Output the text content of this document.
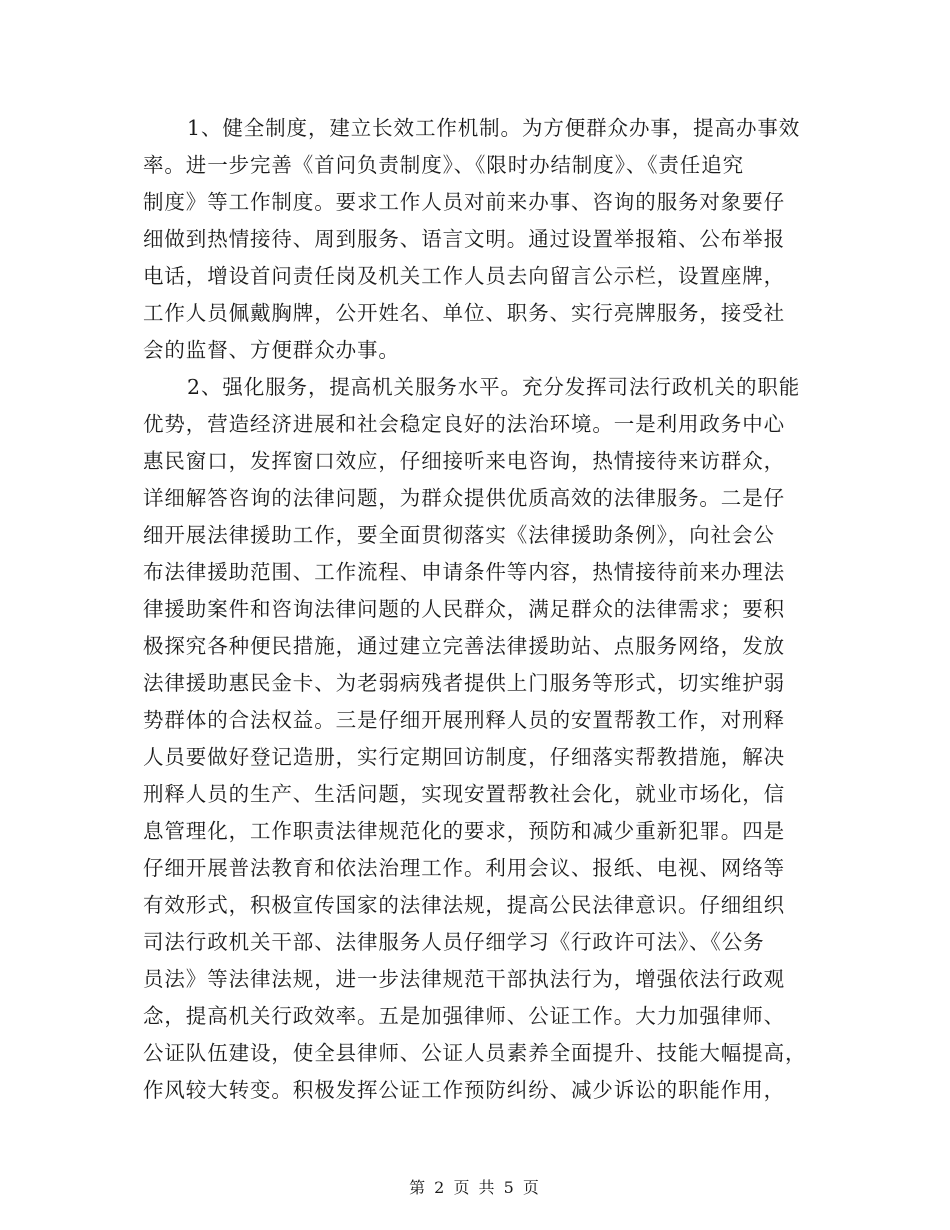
1、健全制度，建立长效工作机制。为方便群众办事，提高办事效
率。进一步完善《首问负责制度》、《限时办结制度》、《责任追究
制度》等工作制度。要求工作人员对前来办事、咨询的服务对象要仔
细做到热情接待、周到服务、语言文明。通过设置举报箱、公布举报
电话，增设首问责任岗及机关工作人员去向留言公示栏，设置座牌，
工作人员佩戴胸牌，公开姓名、单位、职务、实行亮牌服务，接受社
会的监督、方便群众办事。
2、强化服务，提高机关服务水平。充分发挥司法行政机关的职能
优势，营造经济进展和社会稳定良好的法治环境。一是利用政务中心
惠民窗口，发挥窗口效应，仔细接听来电咨询，热情接待来访群众，
详细解答咨询的法律问题，为群众提供优质高效的法律服务。二是仔
细开展法律援助工作，要全面贯彻落实《法律援助条例》，向社会公
布法律援助范围、工作流程、申请条件等内容，热情接待前来办理法
律援助案件和咨询法律问题的人民群众，满足群众的法律需求；要积
极探究各种便民措施，通过建立完善法律援助站、点服务网络，发放
法律援助惠民金卡、为老弱病残者提供上门服务等形式，切实维护弱
势群体的合法权益。三是仔细开展刑释人员的安置帮教工作，对刑释
人员要做好登记造册，实行定期回访制度，仔细落实帮教措施，解决
刑释人员的生产、生活问题，实现安置帮教社会化，就业市场化，信
息管理化，工作职责法律规范化的要求，预防和减少重新犯罪。四是
仔细开展普法教育和依法治理工作。利用会议、报纸、电视、网络等
有效形式，积极宣传国家的法律法规，提高公民法律意识。仔细组织
司法行政机关干部、法律服务人员仔细学习《行政许可法》、《公务
员法》等法律法规，进一步法律规范干部执法行为，增强依法行政观
念，提高机关行政效率。五是加强律师、公证工作。大力加强律师、
公证队伍建设，使全县律师、公证人员素养全面提升、技能大幅提高，
作风较大转变。积极发挥公证工作预防纠纷、减少诉讼的职能作用，
第 2 页 共 5 页
